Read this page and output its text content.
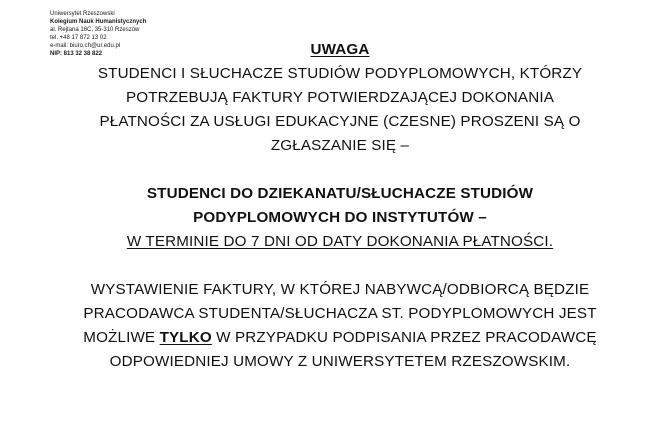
Uniwersytet Rzeszowski
Kolegium Nauk Humanistycznych
al. Rejtana 16C, 35-310 Rzeszów
tel. +48 17 872 13 02
e-mail: biuro.ch@ur.edu.pl
NIP: 813 32 38 822	UWAGA
STUDENCI I SŁUCHACZE STUDIÓW PODYPLOMOWYCH, KTÓRZY
POTRZEBUJĄ FAKTURY POTWIERDZAJĄCEJ DOKONANIA
PŁATNOŚCI ZA USŁUGI EDUKACYJNE (CZESNE) PROSZENI SĄ O
ZGŁASZANIE SIĘ –
STUDENCI DO DZIEKANATU/SŁUCHACZE STUDIÓW
PODYPLOMOWYCH DO INSTYTUTÓW –
W TERMINIE DO 7 DNI OD DATY DOKONANIA PŁATNOŚCI.
WYSTAWIENIE FAKTURY, W KTÓREJ NABYWCĄ/ODBIORCĄ BĘDZIE
PRACODAWCA STUDENTA/SŁUCHACZA ST. PODYPLOMOWYCH JEST
MOŻLIWE TYLKO W PRZYPADKU PODPISANIA PRZEZ PRACODAWCĘ
ODPOWIEDNIEJ UMOWY Z UNIWERSYTETEM RZESZOWSKIM.
